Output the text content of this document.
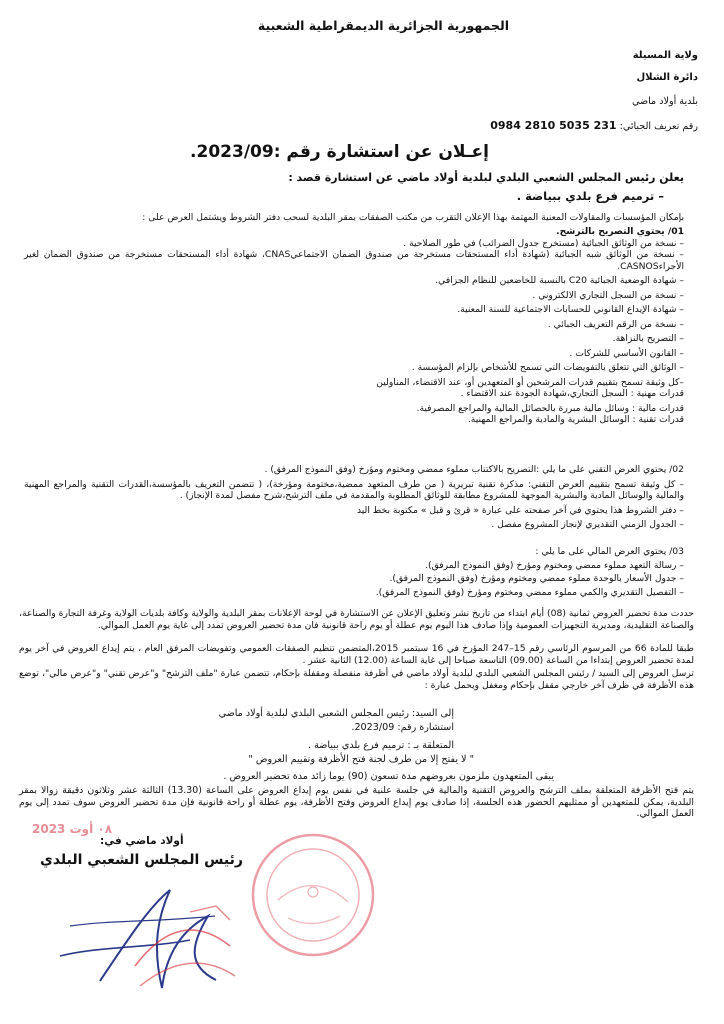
الجمهورية الجزائرية الديمقراطية الشعبية
ولاية المسيلة
دائرة الشلال
بلدية أولاد ماضي
رقم تعريف الجبائي: 0984 2810 5035 231
إعـلان عن استشارة رقم :2023/09.
يعلن رئيس المجلس الشعبي البلدي لبلدية أولاد ماضي عن استشارة قصد :
– ترميم فرع بلدي ببياضة .
بإمكان المؤسسات والمقاولات المعنية المهتمة بهذا الإعلان التقرب من مكتب الصفقات بمقر البلدية لسحب دفتر الشروط ويشتمل العرض على :
01/ يحتوي التصريح بالترشح.
– نسخة من الوثائق الجبائية (مستخرج جدول الضرائب) في طور الصلاحية .
– نسخة من الوثائق شبه الجبائية (شهادة أداء المستحقات مستخرجة من صندوق الضمان الاجتماعيCNAS، شهادة أداء المستحقات مستخرجة من صندوق الضمان لغير الأجراءCASNOS.
– شهادة الوضعية الجبائية C20 بالنسبة للخاضعين للنظام الجزافي.
– نسخة من السجل التجاري الالكتروني .
– شهادة الإيداع القانوني للحسابات الاجتماعية للسنة المعنية.
– نسخة من الرقم التعريف الجبائي .
– التصريح بالنزاهة.
– القانون الأساسي للشركات .
– الوثائق التي تتعلق بالتفويضات التي تسمح للأشخاص بإلزام المؤسسة .
–كل وثيقة تسمح بتقييم قدرات المرشحين أو المتعهدين أو، عند الاقتضاء، المناولين
قدرات مهنية : السجل التجاري،شهادة الجودة عند الاقتضاء .
قدرات مالية : وسائل مالية مبررة بالحصائل المالية والمراجع المصرفية.
قدرات تقنية : الوسائل البشرية والمادية والمراجع المهنية.
02/ يحتوي العرض التقني على ما يلي :التصريح بالاكتتاب مملوء ممضي ومختوم ومؤرخ (وفق النموذج المرفق) .
– كل وثيقة تسمح بتقييم العرض التقني: مذكرة تقنية تبريرية ( من طرف المتعهد ممضية،مختومة ومؤرخة)، ( تتضمن التعريف بالمؤسسة،القدرات التقنية والمراجع المهنية والمالية والوسائل المادية والبشرية الموجهة للمشروع مطابقة للوثائق المطلوبة والمقدمة في ملف الترشح،شرح مفصل لمدة الإنجاز) .
– دفتر الشروط هذا يحتوي في آخر صفحته على عبارة « قرئ و قبل » مكتوبة بخط اليد
– الجدول الزمني التقديري لإنجاز المشروع مفصل .
03/ يحتوي العرض المالي على ما يلي :
– رسالة التعهد مملوء ممضي ومختوم ومؤرخ (وفق النموذج المرفق).
– جدول الأسعار بالوحدة مملوء ممضي ومختوم ومؤرخ (وفق النموذج المرفق).
– التفصيل التقديري والكمي مملوء ممضي ومختوم ومؤرخ (وفق النموذج المرفق).
حددت مدة تحضير العروض ثمانية (08) أيام ابتداء من تاريخ نشر وتعليق الإعلان عن الاستشارة في لوحة الإعلانات بمقر البلدية والولاية وكافة بلديات الولاية وغرفة التجارة والصناعة، والصناعة التقليدية، ومديرية التجهيزات العمومية وإذا صادف هذا اليوم يوم عطلة أو يوم راحة قانونية فان مدة تحضير العروض تمدد إلى غاية يوم العمل الموالي.
طبقا للمادة 66 من المرسوم الرئاسي رقم 15–247 المؤرخ في 16 سبتمبر 2015،المتضمن تنظيم الصفقات العمومي وتفويضات المرفق العام ، يتم إيداع العروض في آخر يوم لمدة تحضير العروض إبتداءا من الساعة (09.00) التاسعة صباحا إلى غاية الساعة (12.00) الثانية عشر .
ترسل العروض إلى السيد / رئيس المجلس الشعبي البلدي لبلدية أولاد ماضي في أظرفة منفصلة ومقفلة بإحكام، تتضمن عبارة "ملف الترشح" و"عرض تقني" و"عرض مالي"، توضع هذه الأظرفة في ظرف آخر خارجي مقفل بإحكام ومغفل ويحمل عبارة :
إلى السيد: رئيس المجلس الشعبي البلدي لبلدية أولاد ماضي
استشارة رقم: 2023/09.
المتعلقة بـ : ترميم فرع بلدي ببياضة .
" لا يفتح إلا من طرف لجنة فتح الأظرفة وتقييم العروض "
يبقى المتعهدون ملزمون بعروضهم مدة تسعون (90) يوما زائد مدة تحضير العروض .
يتم فتح الأظرفة المتعلقة بملف الترشح والعروض التقنية والمالية في جلسة علنية في نفس يوم إيداع العروض على الساعة (13.30) الثالثة عشر وثلاثون دقيقة زوالا بمقر البلدية، يمكن للمتعهدين أو ممثليهم الحضور هذه الجلسة، إذا صادف يوم إيداع العروض وفتح الأظرفة، يوم عطلة أو راحة قانونية فإن مدة تحضير العروض سوف تمدد إلى يوم العمل الموالي.
2023 ٠٨ أوت
أولاد ماضي في:
رئيس المجلس الشعبي البلدي
